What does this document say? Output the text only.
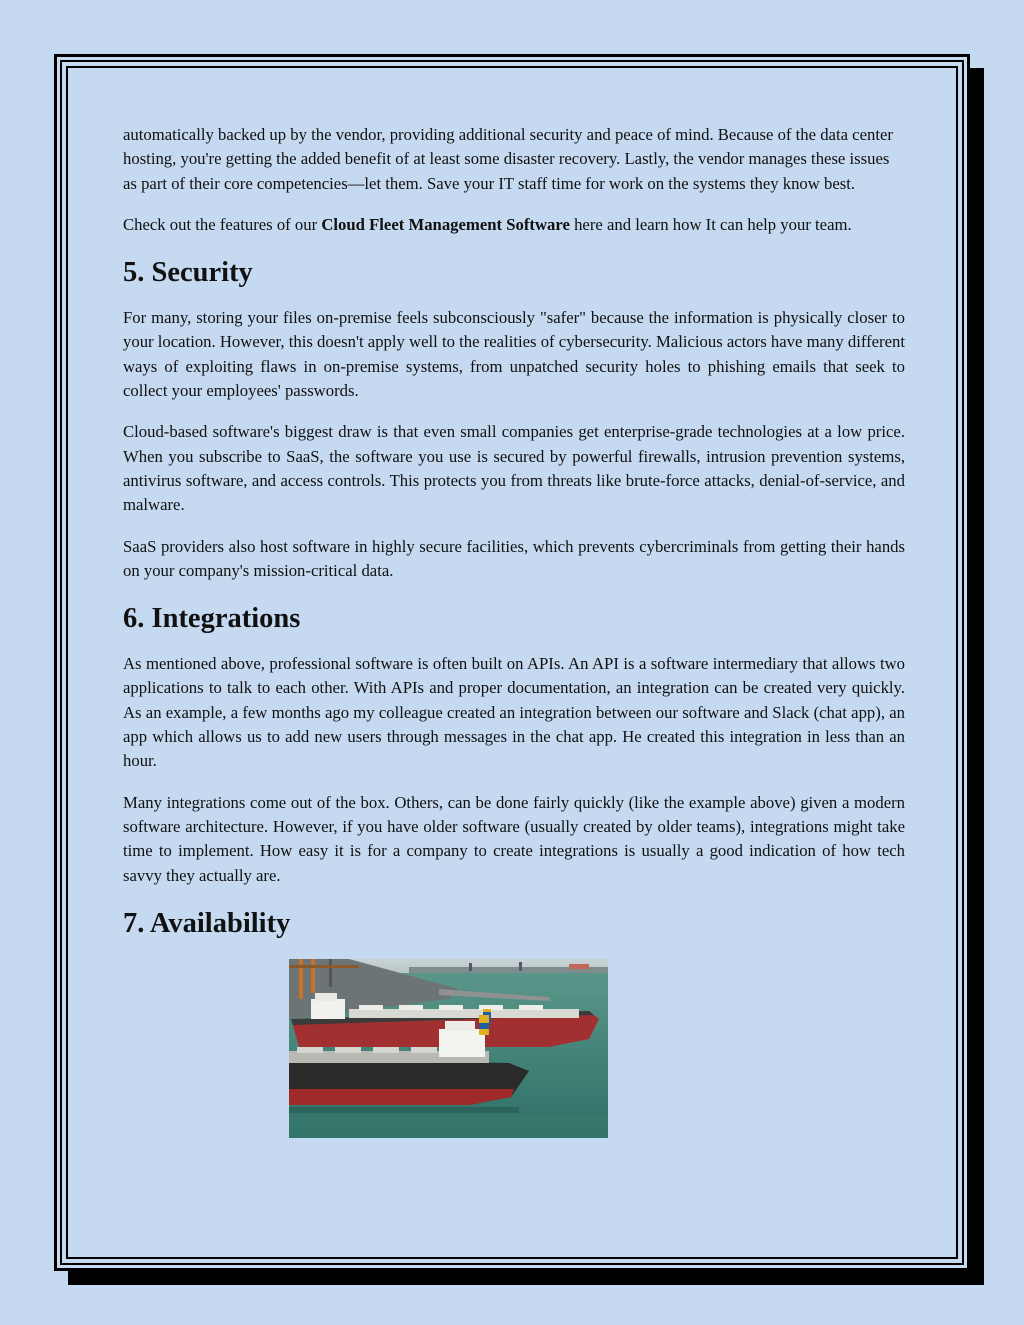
automatically backed up by the vendor, providing additional security and peace of mind. Because of the data center hosting, you're getting the added benefit of at least some disaster recovery. Lastly, the vendor manages these issues as part of their core competencies—let them. Save your IT staff time for work on the systems they know best.

Check out the features of our Cloud Fleet Management Software here and learn how It can help your team.

5. Security

For many, storing your files on-premise feels subconsciously "safer" because the information is physically closer to your location. However, this doesn't apply well to the realities of cybersecurity. Malicious actors have many different ways of exploiting flaws in on-premise systems, from unpatched security holes to phishing emails that seek to collect your employees' passwords.

Cloud-based software's biggest draw is that even small companies get enterprise-grade technologies at a low price. When you subscribe to SaaS, the software you use is secured by powerful firewalls, intrusion prevention systems, antivirus software, and access controls. This protects you from threats like brute-force attacks, denial-of-service, and malware.

SaaS providers also host software in highly secure facilities, which prevents cybercriminals from getting their hands on your company's mission-critical data.

6. Integrations

As mentioned above, professional software is often built on APIs. An API is a software intermediary that allows two applications to talk to each other. With APIs and proper documentation, an integration can be created very quickly. As an example, a few months ago my colleague created an integration between our software and Slack (chat app), an app which allows us to add new users through messages in the chat app. He created this integration in less than an hour.

Many integrations come out of the box. Others, can be done fairly quickly (like the example above) given a modern software architecture. However, if you have older software (usually created by older teams), integrations might take time to implement. How easy it is for a company to create integrations is usually a good indication of how tech savvy they actually are.

7. Availability
